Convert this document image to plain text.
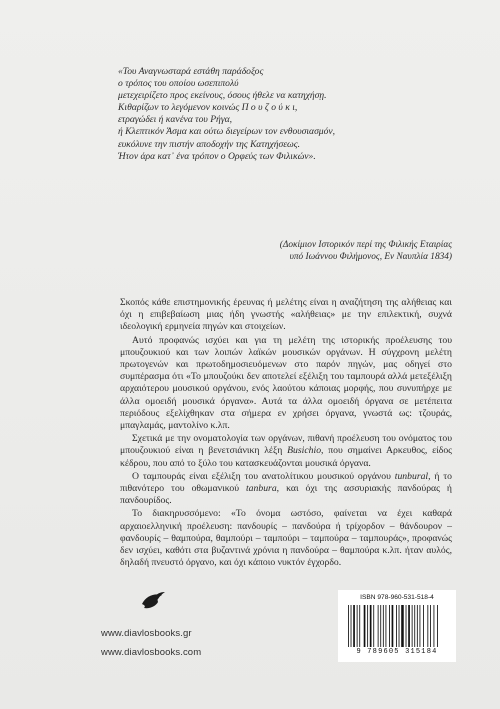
«Του Αναγνωσταρά εστάθη παράδοξος
ο τρόπος του οποίου ωσεπιπολύ
μετεχειρίζετο προς εκείνους, όσους ήθελε να κατηχήσῃ.
Κιθαρίζων το λεγόμενον κοινώς Π ο υ ζ ο ύ κ ι,
ετραγώδει ή κανένα του Ρήγα,
ή Κλεπτικόν Άσμα και ούτω διεγείρων τον ενθουσιασμόν,
ευκόλυνε την πιστήν αποδοχήν της Κατηχήσεως.
Ήτον άρα κατ᾽ ένα τρόπον ο Ορφεύς των Φιλικών».
(Δοκίμιον Ιστορικόν περί της Φιλικής Εταιρίας
υπό Ιωάννου Φιλήμονος, Εν Ναυπλία 1834)

Σκοπός κάθε επιστημονικής έρευνας ή μελέτης είναι η αναζήτηση της αλήθειας και όχι η επιβεβαίωση μιας ήδη γνωστής «αλήθειας» με την επιλεκτική, συχνά ιδεολογική ερμηνεία πηγών και στοιχείων.

Αυτό προφανώς ισχύει και για τη μελέτη της ιστορικής προέλευσης του μπουζουκιού και των λοιπών λαϊκών μουσικών οργάνων. Η σύγχρονη μελέτη πρωτογενών και πρωτοδημοσιευόμενων στο παρόν πηγών, μας οδηγεί στο συμπέρασμα ότι «Το μπουζούκι δεν αποτελεί εξέλιξη του ταμπουρά αλλά μετεξέλιξη αρχαιότερου μουσικού οργάνου, ενός λαούτου κάποιας μορφής, που συνυπήρχε με άλλα ομοειδή μουσικά όργανα». Αυτά τα άλλα ομοειδή όργανα σε μετέπειτα περιόδους εξελίχθηκαν στα σήμερα εν χρήσει όργανα, γνωστά ως: τζουράς, μπαγλαμάς, μαντολίνο κ.λπ.

Σχετικά με την ονοματολογία των οργάνων, πιθανή προέλευση του ονόματος του μπουζουκιού είναι η βενετσιάνικη λέξη Busichio, που σημαίνει Αρκευθος, είδος κέδρου, που από το ξύλο του κατασκευάζονται μουσικά όργανα.

Ο ταμπουράς είναι εξέλιξη του ανατολίτικου μουσικού οργάνου tunbural, ή το πιθανότερο του οθωμανικού tanbura, και όχι της ασσυριακής πανδούρας ή πανδουρίδος.

Το διακηρυσσόμενο: «Το όνομα ωστόσο, φαίνεται να έχει καθαρά αρχαιοελληνική προέλευση: πανδουρίς – πανδούρα ή τρίχορδον – θάνδουρον – φανδουρίς – θαμπούρα, θαμπούρι – ταμπούρι – ταμπούρα – ταμπουράς», προφανώς δεν ισχύει, καθότι στα βυζαντινά χρόνια η πανδούρα – θαμπούρα κ.λπ. ήταν αυλός, δηλαδή πνευστό όργανο, και όχι κάποιο νυκτόν έγχορδο.

www.diavlosbooks.gr
www.diavlosbooks.com
ISBN 978-960-531-518-4
9 789605 315184
